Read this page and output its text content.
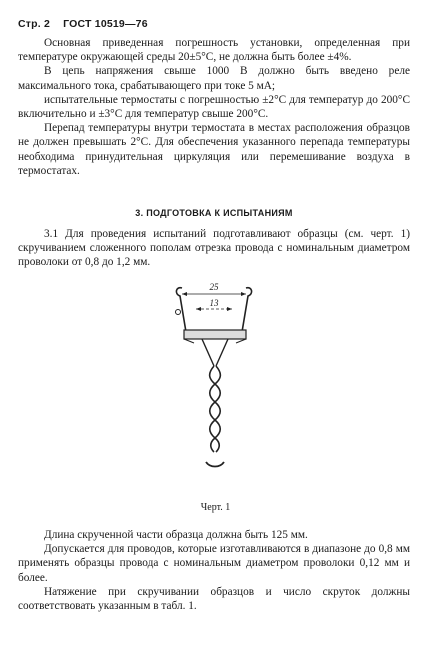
Стр. 2 ГОСТ 10519—76

Основная приведенная погрешность установки, определенная при температуре окружающей среды 20±5°С, не должна быть более ±4%.

В цепь напряжения свыше 1000 В должно быть введено реле максимального тока, срабатывающего при токе 5 мА;

испытательные термостаты с погрешностью ±2°С для температур до 200°С включительно и ±3°С для температур свыше 200°С.

Перепад температуры внутри термостата в местах расположения образцов не должен превышать 2°С. Для обеспечения указанного перепада температуры необходима принудительная циркуляция или перемешивание воздуха в термостатах.

3. ПОДГОТОВКА К ИСПЫТАНИЯМ

3.1 Для проведения испытаний подготавливают образцы (см. черт. 1) скручиванием сложенного пополам отрезка провода с номинальным диаметром проволоки от 0,8 до 1,2 мм.

25
13
Черт. 1

Длина скрученной части образца должна быть 125 мм.

Допускается для проводов, которые изготавливаются в диапазоне до 0,8 мм применять образцы провода с номинальным диаметром проволоки 0,12 мм и более.

Натяжение при скручивании образцов и число скруток должны соответствовать указанным в табл. 1.
